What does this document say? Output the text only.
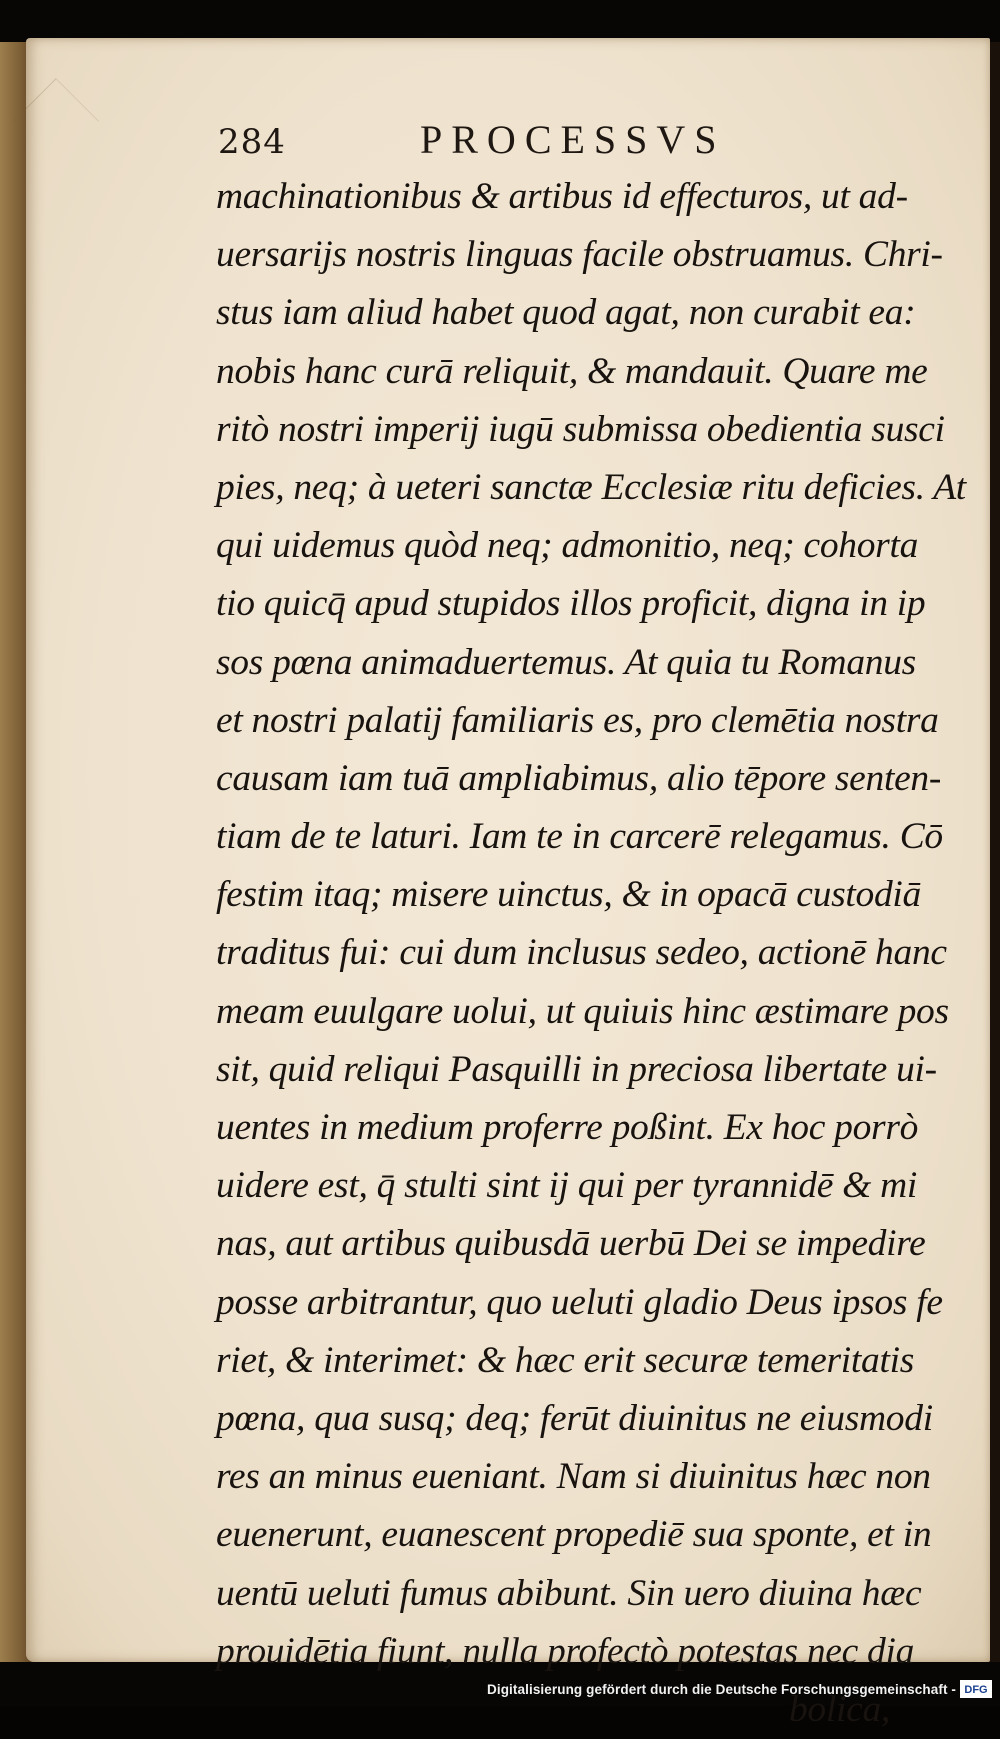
284	PROCESSVS
machinationibus & artibus id effecturos, ut ad-
uersarijs nostris linguas facile obstruamus. Chri-
stus iam aliud habet quod agat, non curabit ea:
nobis hanc curā reliquit, & mandauit. Quare me
ritò nostri imperij iugū submissa obedientia susci
pies, neq; à ueteri sanctæ Ecclesiæ ritu deficies. At
qui uidemus quòd neq; admonitio, neq; cohorta
tio quicq̄ apud stupidos illos proficit, digna in ip
sos pœna animaduertemus. At quia tu Romanus
et nostri palatij familiaris es, pro clemētia nostra
causam iam tuā ampliabimus, alio tēpore senten-
tiam de te laturi. Iam te in carcerē relegamus. Cō
festim itaq; misere uinctus, & in opacā custodiā
traditus fui: cui dum inclusus sedeo, actionē hanc
meam euulgare uolui, ut quiuis hinc æstimare pos
sit, quid reliqui Pasquilli in preciosa libertate ui-
uentes in medium proferre poßint. Ex hoc porrò
uidere est, q̄ stulti sint ij qui per tyrannidē & mi
nas, aut artibus quibusdā uerbū Dei se impedire
posse arbitrantur, quo ueluti gladio Deus ipsos fe
riet, & interimet: & hæc erit securæ temeritatis
pœna, qua susq; deq; ferūt diuinitus ne eiusmodi
res an minus eueniant. Nam si diuinitus hæc non
euenerunt, euanescent propediē sua sponte, et in
uentū ueluti fumus abibunt. Sin uero diuina hæc
prouidētia fiunt, nulla profectò potestas nec dia
bolica,
Digitalisierung gefördert durch die Deutsche Forschungsgemeinschaft - DFG
